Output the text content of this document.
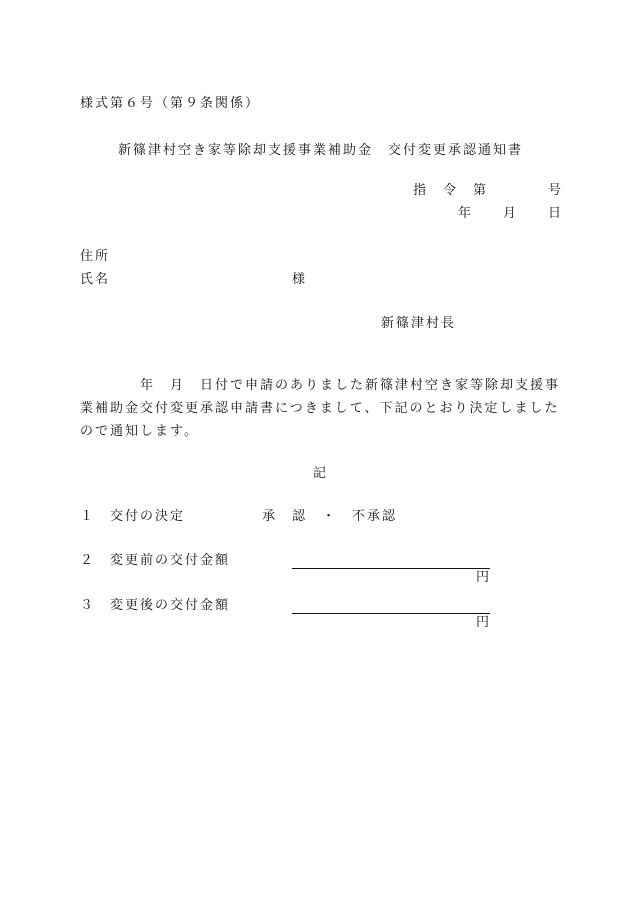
様式第６号（第９条関係）
新篠津村空き家等除却支援事業補助金　交付変更承認通知書
指　令　第　　　　号
年　　月　　日
住所
氏名	様
新篠津村長
　　　　年　月　日付で申請のありました新篠津村空き家等除却支援事
業補助金交付変更承認申請書につきまして、下記のとおり決定しました
ので通知します。
記
１ 交付の決定	承　認　・　不承認
２ 変更前の交付金額

円

３ 変更後の交付金額

円
